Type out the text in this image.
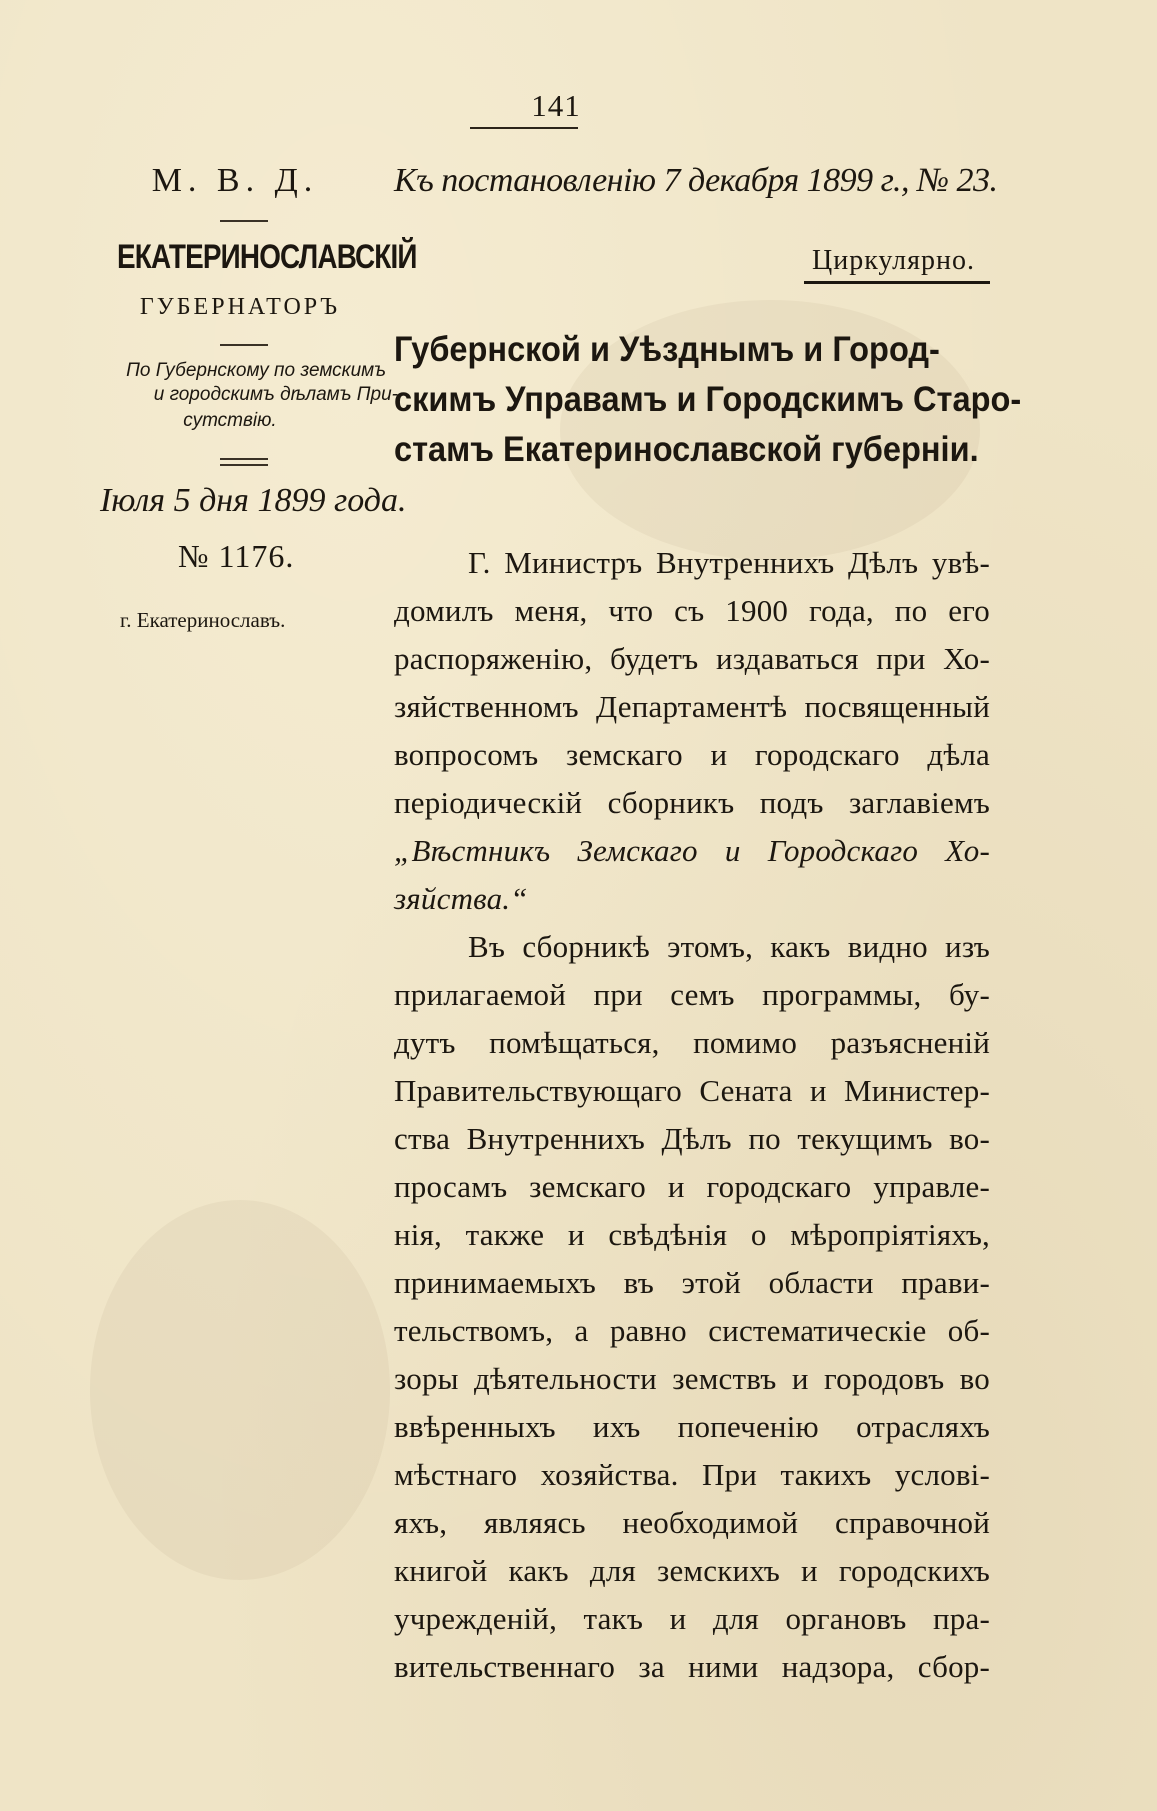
141
М. В. Д.
ЕКАТЕРИНОСЛАВСКІЙ
ГУБЕРНАТОРЪ
По Губернскому по земскимъ
и городскимъ дѣламъ При-
сутствію.
Іюля 5 дня 1899 года.
№ 1176.
г. Екатеринославъ.
Къ постановленію 7 декабря 1899 г., № 23.
Циркулярно.
Губернской и Уѣзднымъ и Город-
скимъ Управамъ и Городскимъ Старо-
стамъ Екатеринославской губерніи.
Г. Министръ Внутреннихъ Дѣлъ увѣ-
домилъ меня, что съ 1900 года, по его
распоряженію, будетъ издаваться при Хо-
зяйственномъ Департаментѣ посвященный
вопросомъ земскаго и городскаго дѣла
періодическій сборникъ подъ заглавіемъ
„Вѣстникъ Земскаго и Городскаго Хо-
зяйства.“
Въ сборникѣ этомъ, какъ видно изъ
прилагаемой при семъ программы, бу-
дутъ помѣщаться, помимо разъясненій
Правительствующаго Сената и Министер-
ства Внутреннихъ Дѣлъ по текущимъ во-
просамъ земскаго и городскаго управле-
нія, также и свѣдѣнія о мѣропріятіяхъ,
принимаемыхъ въ этой области прави-
тельствомъ, а равно систематическіе об-
зоры дѣятельности земствъ и городовъ во
ввѣренныхъ ихъ попеченію отрасляхъ
мѣстнаго хозяйства. При такихъ услові-
яхъ, являясь необходимой справочной
книгой какъ для земскихъ и городскихъ
учрежденій, такъ и для органовъ пра-
вительственнаго за ними надзора, сбор-
